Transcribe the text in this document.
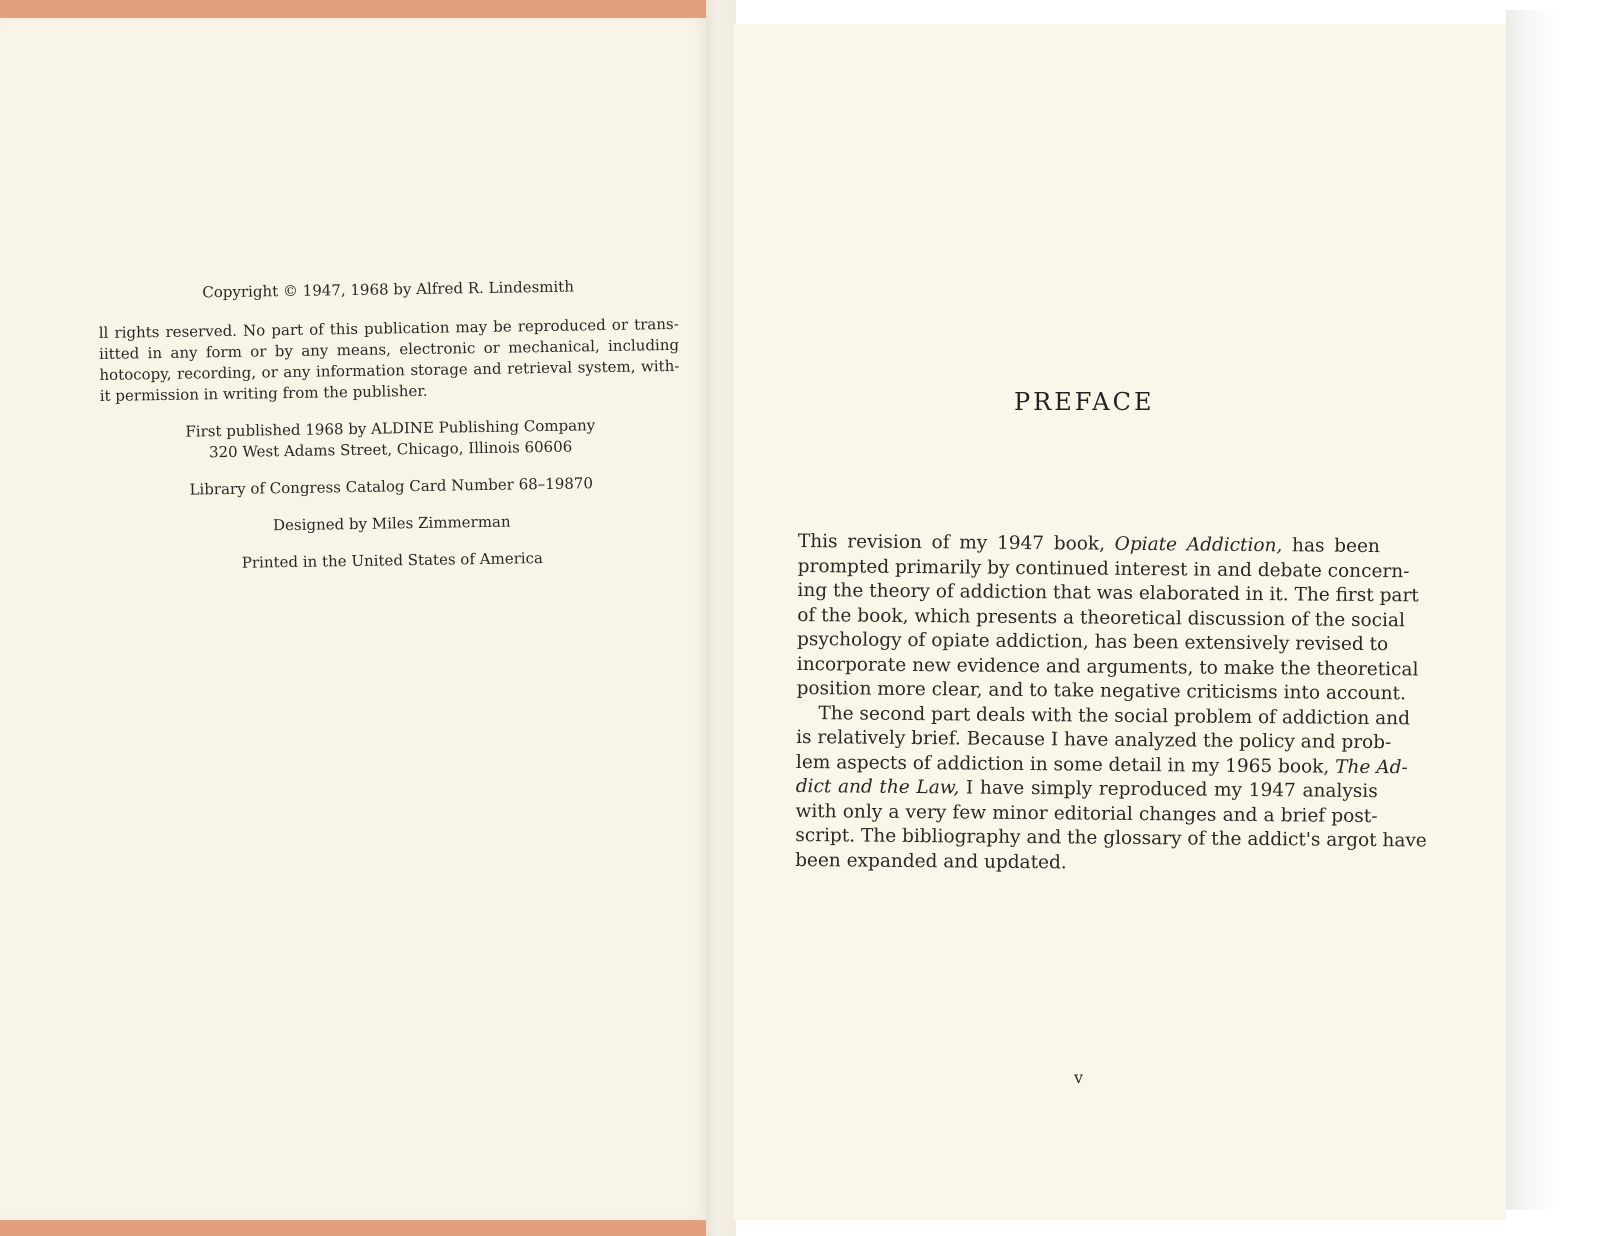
Copyright © 1947, 1968 by Alfred R. Lindesmith
ll rights reserved. No part of this publication may be reproduced or trans-
iitted in any form or by any means, electronic or mechanical, including
hotocopy, recording, or any information storage and retrieval system, with-
it permission in writing from the publisher.
First published 1968 by ALDINE Publishing Company
320 West Adams Street, Chicago, Illinois 60606
Library of Congress Catalog Card Number 68–19870
Designed by Miles Zimmerman
Printed in the United States of America
PREFACE
This revision of my 1947 book, Opiate Addiction, has been
prompted primarily by continued interest in and debate concern-
ing the theory of addiction that was elaborated in it. The first part
of the book, which presents a theoretical discussion of the social
psychology of opiate addiction, has been extensively revised to
incorporate new evidence and arguments, to make the theoretical
position more clear, and to take negative criticisms into account.
The second part deals with the social problem of addiction and
is relatively brief. Because I have analyzed the policy and prob-
lem aspects of addiction in some detail in my 1965 book, The Ad-
dict and the Law, I have simply reproduced my 1947 analysis
with only a very few minor editorial changes and a brief post-
script. The bibliography and the glossary of the addict's argot have
been expanded and updated.
v
